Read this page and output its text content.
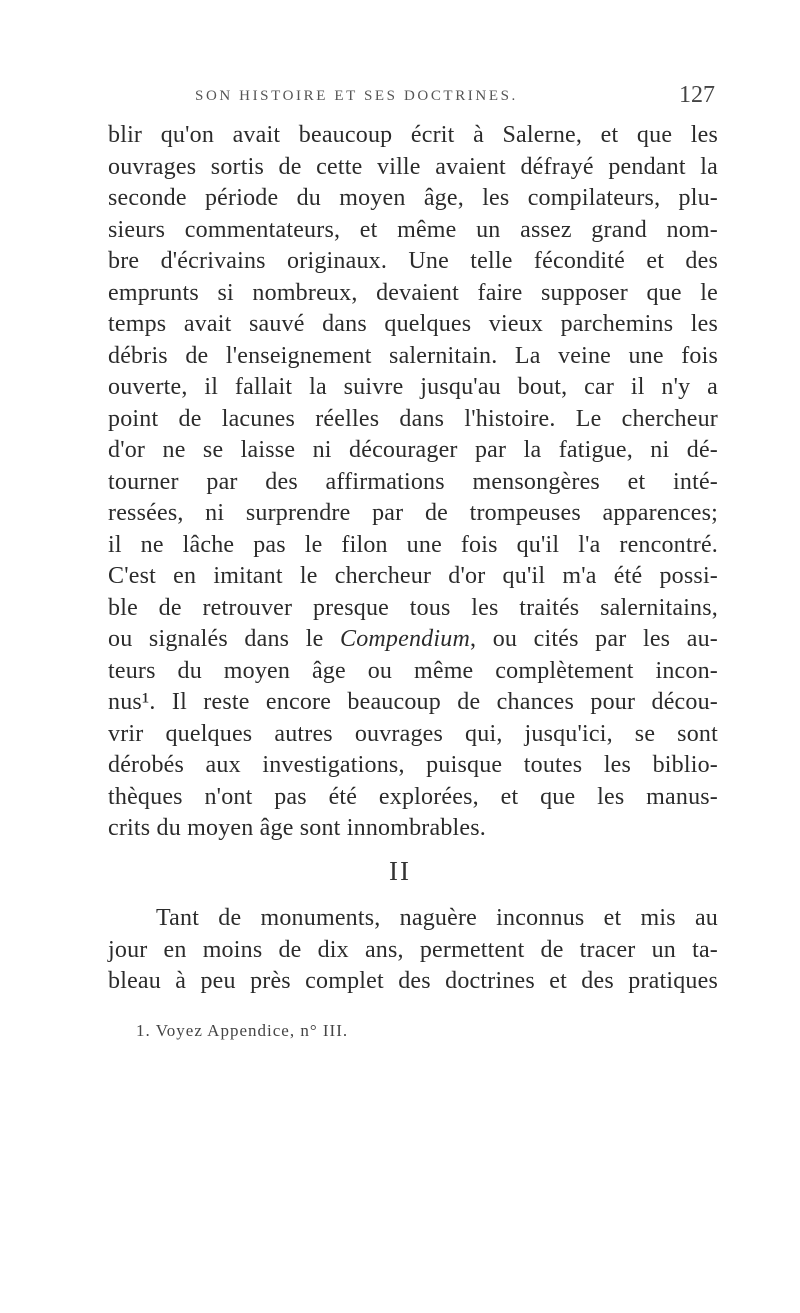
SON HISTOIRE ET SES DOCTRINES.	127
blir qu'on avait beaucoup écrit à Salerne, et que les
ouvrages sortis de cette ville avaient défrayé pendant la
seconde période du moyen âge, les compilateurs, plu-
sieurs commentateurs, et même un assez grand nom-
bre d'écrivains originaux. Une telle fécondité et des
emprunts si nombreux, devaient faire supposer que le
temps avait sauvé dans quelques vieux parchemins les
débris de l'enseignement salernitain. La veine une fois
ouverte, il fallait la suivre jusqu'au bout, car il n'y a
point de lacunes réelles dans l'histoire. Le chercheur
d'or ne se laisse ni décourager par la fatigue, ni dé-
tourner par des affirmations mensongères et inté-
ressées, ni surprendre par de trompeuses apparences;
il ne lâche pas le filon une fois qu'il l'a rencontré.
C'est en imitant le chercheur d'or qu'il m'a été possi-
ble de retrouver presque tous les traités salernitains,
ou signalés dans le Compendium, ou cités par les au-
teurs du moyen âge ou même complètement incon-
nus¹. Il reste encore beaucoup de chances pour décou-
vrir quelques autres ouvrages qui, jusqu'ici, se sont
dérobés aux investigations, puisque toutes les biblio-
thèques n'ont pas été explorées, et que les manus-
crits du moyen âge sont innombrables.
II
Tant de monuments, naguère inconnus et mis au
jour en moins de dix ans, permettent de tracer un ta-
bleau à peu près complet des doctrines et des pratiques
1. Voyez Appendice, n° III.
